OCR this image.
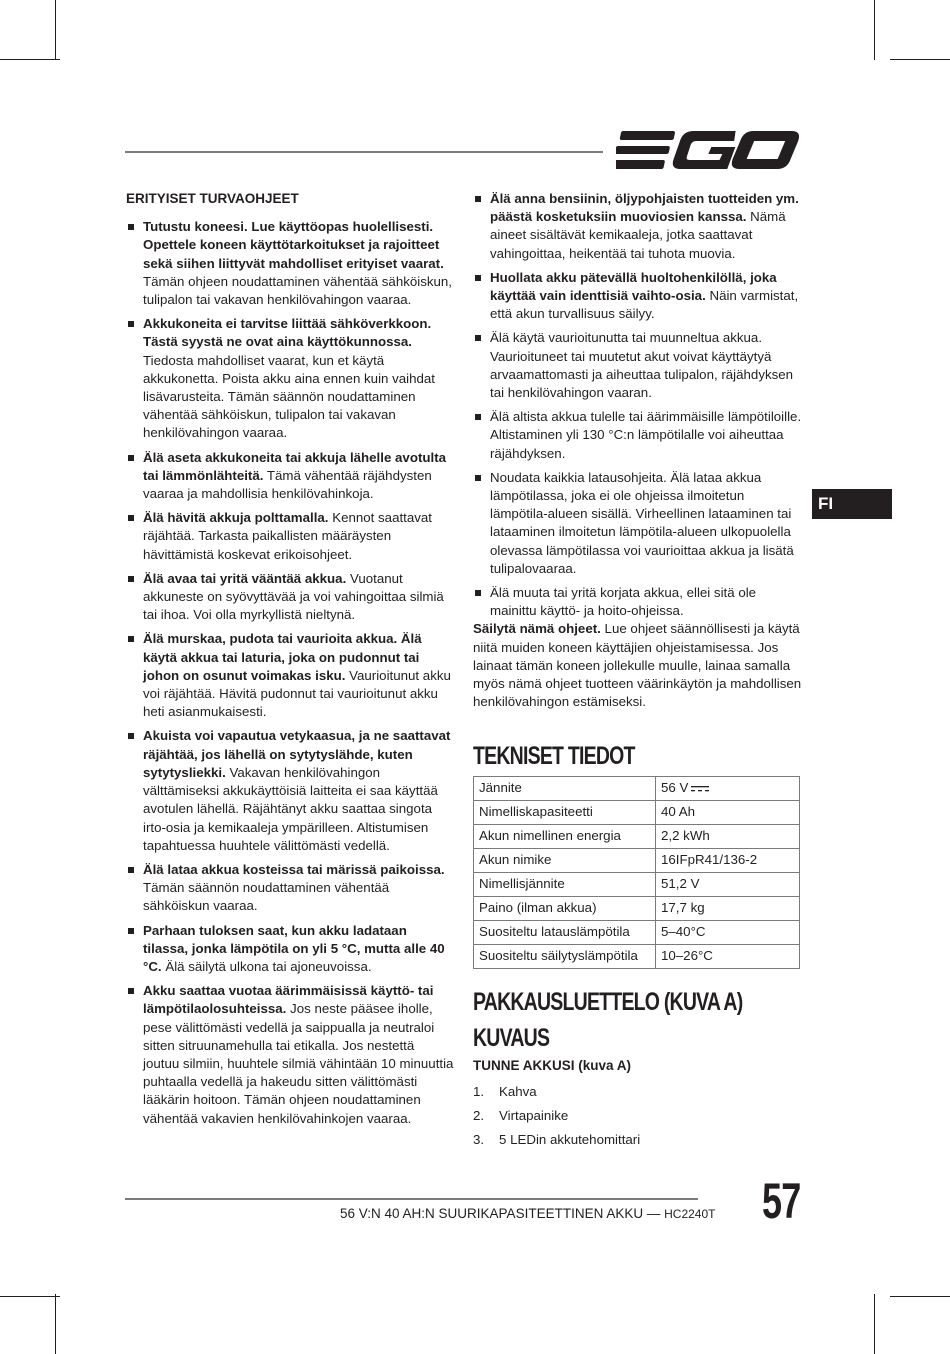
ERITYISET TURVAOHJEET
Tutustu koneesi. Lue käyttöopas huolellisesti. Opettele koneen käyttötarkoitukset ja rajoitteet sekä siihen liittyvät mahdolliset erityiset vaarat. Tämän ohjeen noudattaminen vähentää sähköiskun, tulipalon tai vakavan henkilövahingon vaaraa.
Akkukoneita ei tarvitse liittää sähköverkkoon. Tästä syystä ne ovat aina käyttökunnossa. Tiedosta mahdolliset vaarat, kun et käytä akkukonetta. Poista akku aina ennen kuin vaihdat lisävarusteita. Tämän säännön noudattaminen vähentää sähköiskun, tulipalon tai vakavan henkilövahingon vaaraa.
Älä aseta akkukoneita tai akkuja lähelle avotulta tai lämmönlähteitä. Tämä vähentää räjähdysten vaaraa ja mahdollisia henkilövahinkoja.
Älä hävitä akkuja polttamalla. Kennot saattavat räjähtää. Tarkasta paikallisten määräysten hävittämistä koskevat erikoisohjeet.
Älä avaa tai yritä vääntää akkua. Vuotanut akkuneste on syövyttävää ja voi vahingoittaa silmiä tai ihoa. Voi olla myrkyllistä nieltynä.
Älä murskaa, pudota tai vaurioita akkua. Älä käytä akkua tai laturia, joka on pudonnut tai johon on osunut voimakas isku. Vaurioitunut akku voi räjähtää. Hävitä pudonnut tai vaurioitunut akku heti asianmukaisesti.
Akuista voi vapautua vetykaasua, ja ne saattavat räjähtää, jos lähellä on sytytyslähde, kuten sytytysliekki. Vakavan henkilövahingon välttämiseksi akkukäyttöisiä laitteita ei saa käyttää avotulen lähellä. Räjähtänyt akku saattaa singota irto-osia ja kemikaaleja ympärilleen. Altistumisen tapahtuessa huuhtele välittömästi vedellä.
Älä lataa akkua kosteissa tai märissä paikoissa. Tämän säännön noudattaminen vähentää sähköiskun vaaraa.
Parhaan tuloksen saat, kun akku ladataan tilassa, jonka lämpötila on yli 5 °C, mutta alle 40 °C. Älä säilytä ulkona tai ajoneuvoissa.
Akku saattaa vuotaa äärimmäisissä käyttö- tai lämpötilaolosuhteissa. Jos neste pääsee iholle, pese välittömästi vedellä ja saippualla ja neutraloi sitten sitruunamehulla tai etikalla. Jos nestettä joutuu silmiin, huuhtele silmiä vähintään 10 minuuttia puhtaalla vedellä ja hakeudu sitten välittömästi lääkärin hoitoon. Tämän ohjeen noudattaminen vähentää vakavien henkilövahinkojen vaaraa.
Älä anna bensiinin, öljypohjaisten tuotteiden ym. päästä kosketuksiin muoviosien kanssa. Nämä aineet sisältävät kemikaaleja, jotka saattavat vahingoittaa, heikentää tai tuhota muovia.
Huollata akku pätevällä huoltohenkilöllä, joka käyttää vain identtisiä vaihto-osia. Näin varmistat, että akun turvallisuus säilyy.
Älä käytä vaurioitunutta tai muunneltua akkua. Vaurioituneet tai muutetut akut voivat käyttäytyä arvaamattomasti ja aiheuttaa tulipalon, räjähdyksen tai henkilövahingon vaaran.
Älä altista akkua tulelle tai äärimmäisille lämpötiloille. Altistaminen yli 130 °C:n lämpötilalle voi aiheuttaa räjähdyksen.
Noudata kaikkia latausohjeita. Älä lataa akkua lämpötilassa, joka ei ole ohjeissa ilmoitetun lämpötila-alueen sisällä. Virheellinen lataaminen tai lataaminen ilmoitetun lämpötila-alueen ulkopuolella olevassa lämpötilassa voi vaurioittaa akkua ja lisätä tulipalovaaraa.
Älä muuta tai yritä korjata akkua, ellei sitä ole mainittu käyttö- ja hoito-ohjeissa.

Säilytä nämä ohjeet. Lue ohjeet säännöllisesti ja käytä niitä muiden koneen käyttäjien ohjeistamisessa. Jos lainaat tämän koneen jollekulle muulle, lainaa samalla myös nämä ohjeet tuotteen väärinkäytön ja mahdollisen henkilövahingon estämiseksi.

TEKNISET TIEDOT
Jännite	56 V
Nimelliskapasiteetti	40 Ah
Akun nimellinen energia	2,2 kWh
Akun nimike	16IFpR41/136-2
Nimellisjännite	51,2 V
Paino (ilman akkua)	17,7 kg
Suositeltu latauslämpötila	5–40°C
Suositeltu säilytyslämpötila	10–26°C
PAKKAUSLUETTELO (KUVA A)
KUVAUS
TUNNE AKKUSI (kuva A)
1. Kahva
2. Virtapainike
3. 5 LEDin akkutehomittari
FI
56 V:N 40 AH:N SUURIKAPASITEETTINEN AKKU — HC2240T 57
